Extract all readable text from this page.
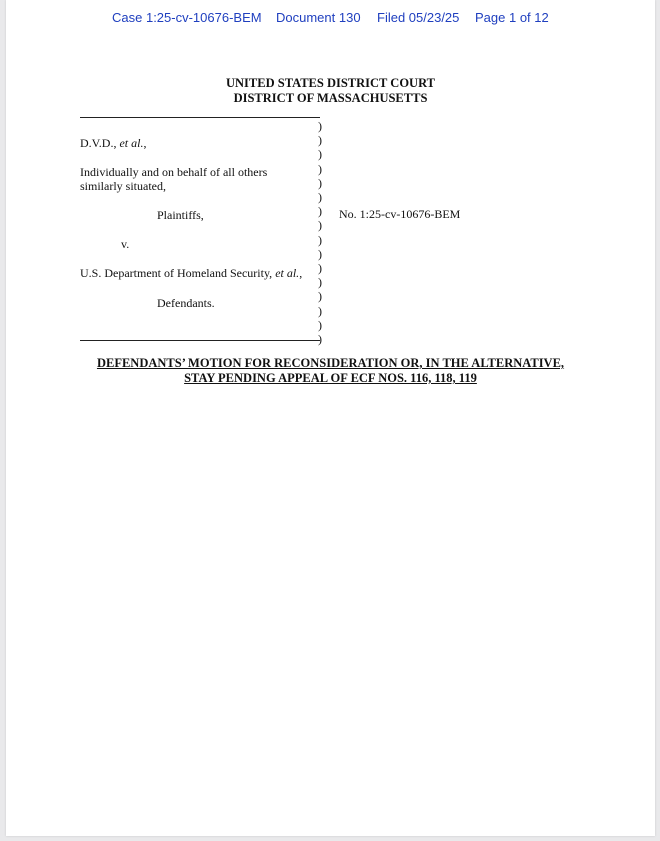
Case 1:25-cv-10676-BEM Document 130 Filed 05/23/25 Page 1 of 12
UNITED STATES DISTRICT COURT
DISTRICT OF MASSACHUSETTS
D.V.D., et al.,
Individually and on behalf of all others
similarly situated,
Plaintiffs,
v.
U.S. Department of Homeland Security, et al.,
Defendants.
)
)
)
)
)
)
)
)
)
)
)
)
)
)
)
)
No. 1:25-cv-10676-BEM
DEFENDANTS’ MOTION FOR RECONSIDERATION OR, IN THE ALTERNATIVE,
STAY PENDING APPEAL OF ECF NOS. 116, 118, 119
